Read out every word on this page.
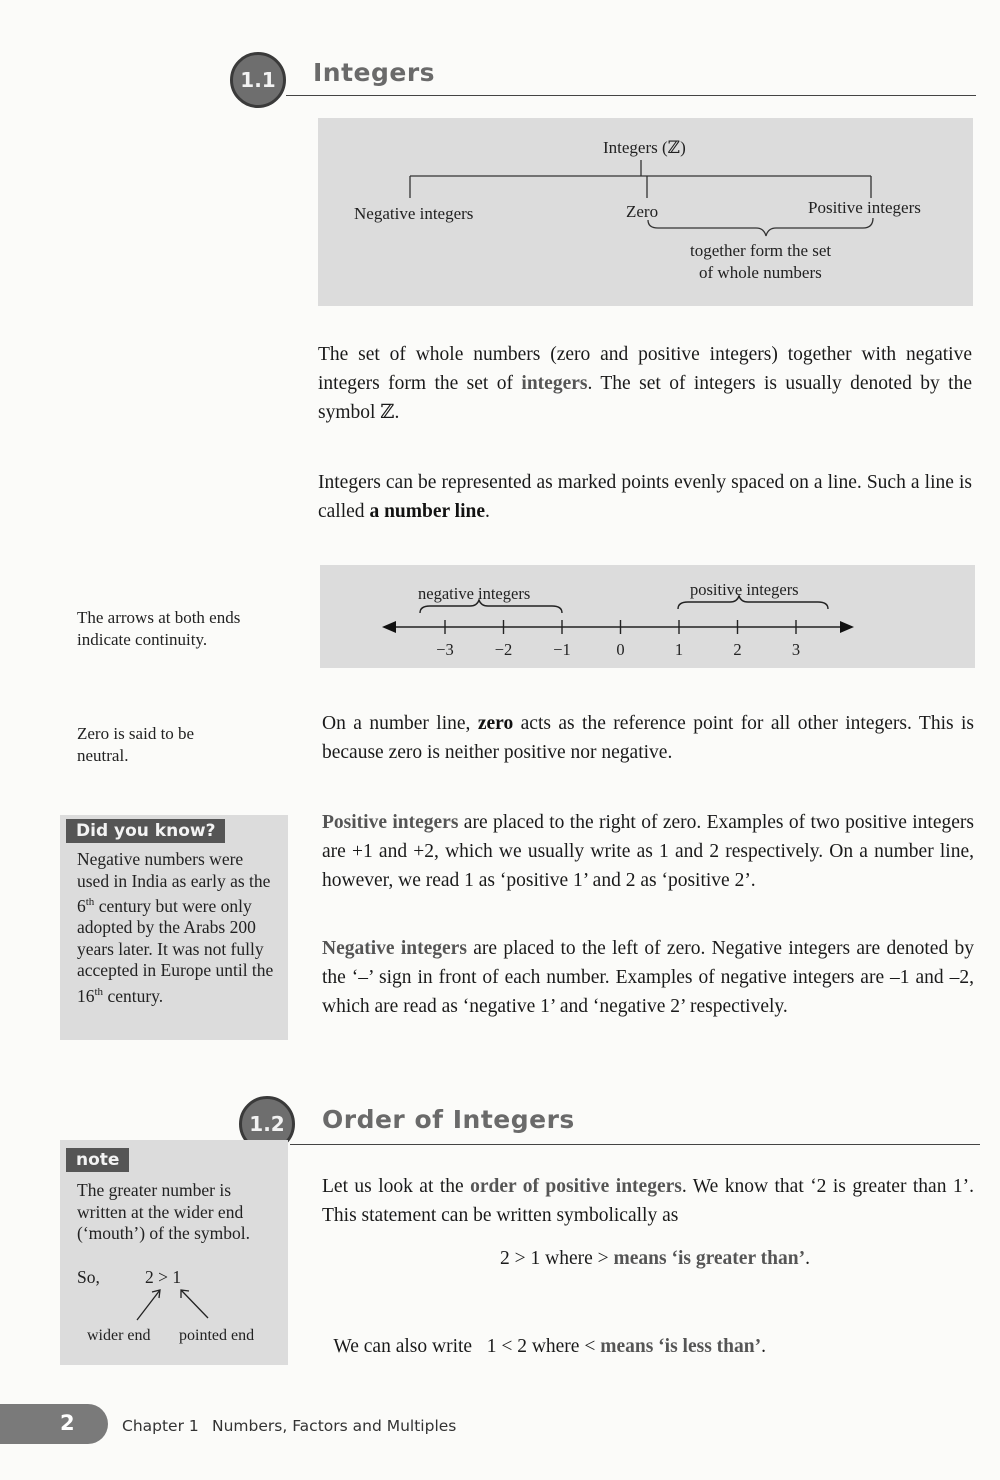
1.1 Integers
Integers (ℤ)
Negative integers	Zero	Positive integers
together form the set
of whole numbers
The set of whole numbers (zero and positive integers) together with negative integers form the set of integers. The set of integers is usually denoted by the symbol ℤ.
Integers can be represented as marked points evenly spaced on a line. Such a line is called a number line.
negative integers	positive integers
−3 −2 −1	0	1	2	3
The arrows at both ends indicate continuity.
Zero is said to be neutral.
On a number line, zero acts as the reference point for all other integers. This is because zero is neither positive nor negative.
Positive integers are placed to the right of zero. Examples of two positive integers are +1 and +2, which we usually write as 1 and 2 respectively. On a number line, however, we read 1 as ‘positive 1’ and 2 as ‘positive 2’.
Negative integers are placed to the left of zero. Negative integers are denoted by the ‘–’ sign in front of each number. Examples of negative integers are –1 and –2, which are read as ‘negative 1’ and ‘negative 2’ respectively.
Did you know?
Negative numbers were used in India as early as the 6th century but were only adopted by the Arabs 200 years later. It was not fully accepted in Europe until the 16th century.
1.2 Order of Integers
note
The greater number is written at the wider end (‘mouth’) of the symbol.
So,	2 > 1
wider end pointed end
Let us look at the order of positive integers. We know that ‘2 is greater than 1’. This statement can be written symbolically as
2 > 1 where > means ‘is greater than’.

We can also write   1 < 2 where < means ‘is less than’.

2	Chapter 1 Numbers, Factors and Multiples
